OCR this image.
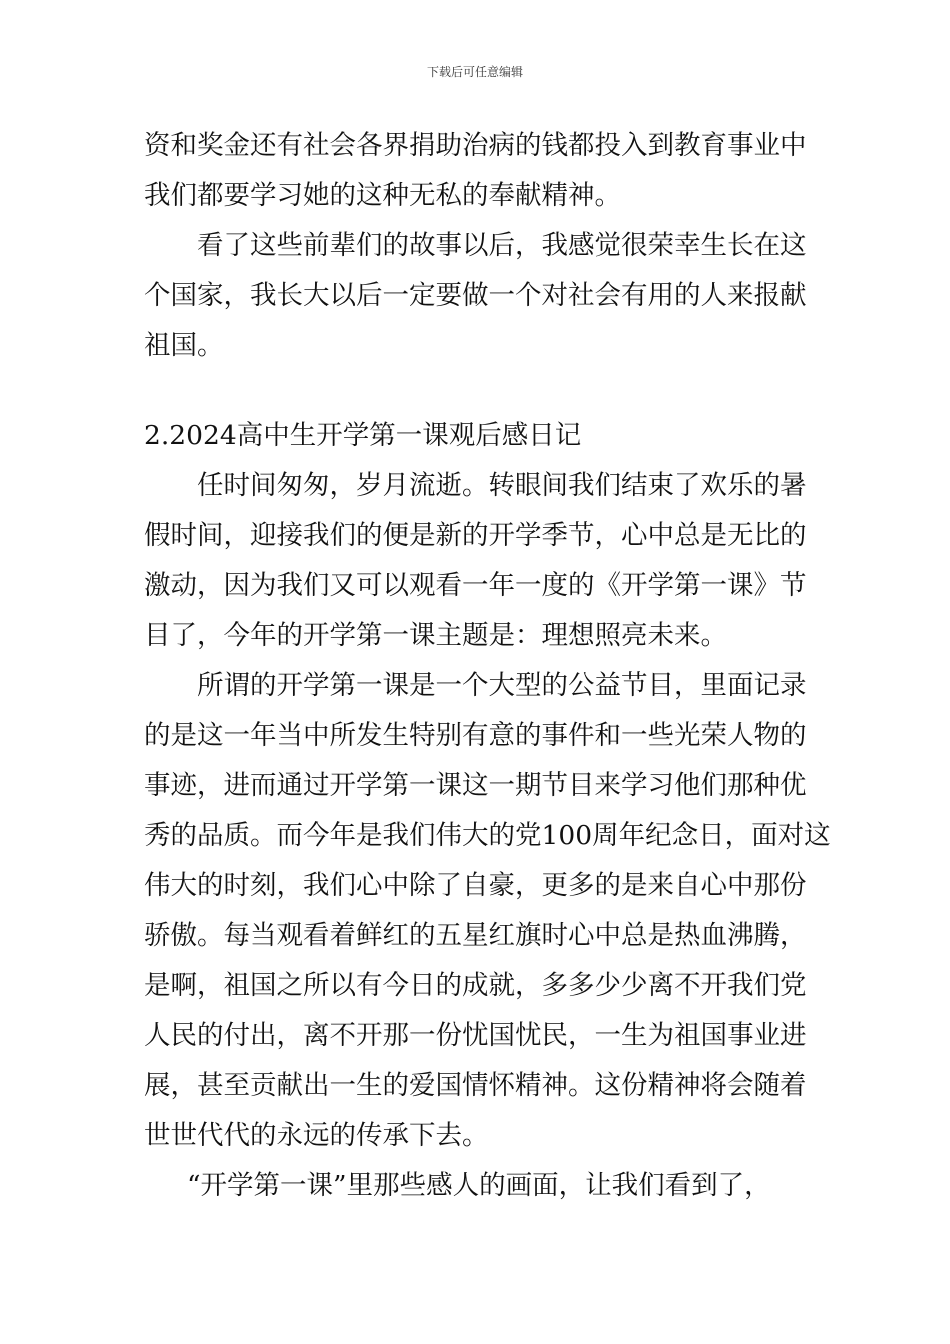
下载后可任意编辑
资和奖金还有社会各界捐助治病的钱都投入到教育事业中
我们都要学习她的这种无私的奉献精神。
看了这些前辈们的故事以后，我感觉很荣幸生长在这
个国家，我长大以后一定要做一个对社会有用的人来报献
祖国。
2.2024高中生开学第一课观后感日记
任时间匆匆，岁月流逝。转眼间我们结束了欢乐的暑
假时间，迎接我们的便是新的开学季节，心中总是无比的
激动，因为我们又可以观看一年一度的《开学第一课》节
目了，今年的开学第一课主题是：理想照亮未来。
所谓的开学第一课是一个大型的公益节目，里面记录
的是这一年当中所发生特别有意的事件和一些光荣人物的
事迹，进而通过开学第一课这一期节目来学习他们那种优
秀的品质。而今年是我们伟大的党100周年纪念日，面对这
伟大的时刻，我们心中除了自豪，更多的是来自心中那份
骄傲。每当观看着鲜红的五星红旗时心中总是热血沸腾，
是啊，祖国之所以有今日的成就，多多少少离不开我们党
人民的付出，离不开那一份忧国忧民，一生为祖国事业进
展，甚至贡献出一生的爱国情怀精神。这份精神将会随着
世世代代的永远的传承下去。
“开学第一课”里那些感人的画面，让我们看到了，
